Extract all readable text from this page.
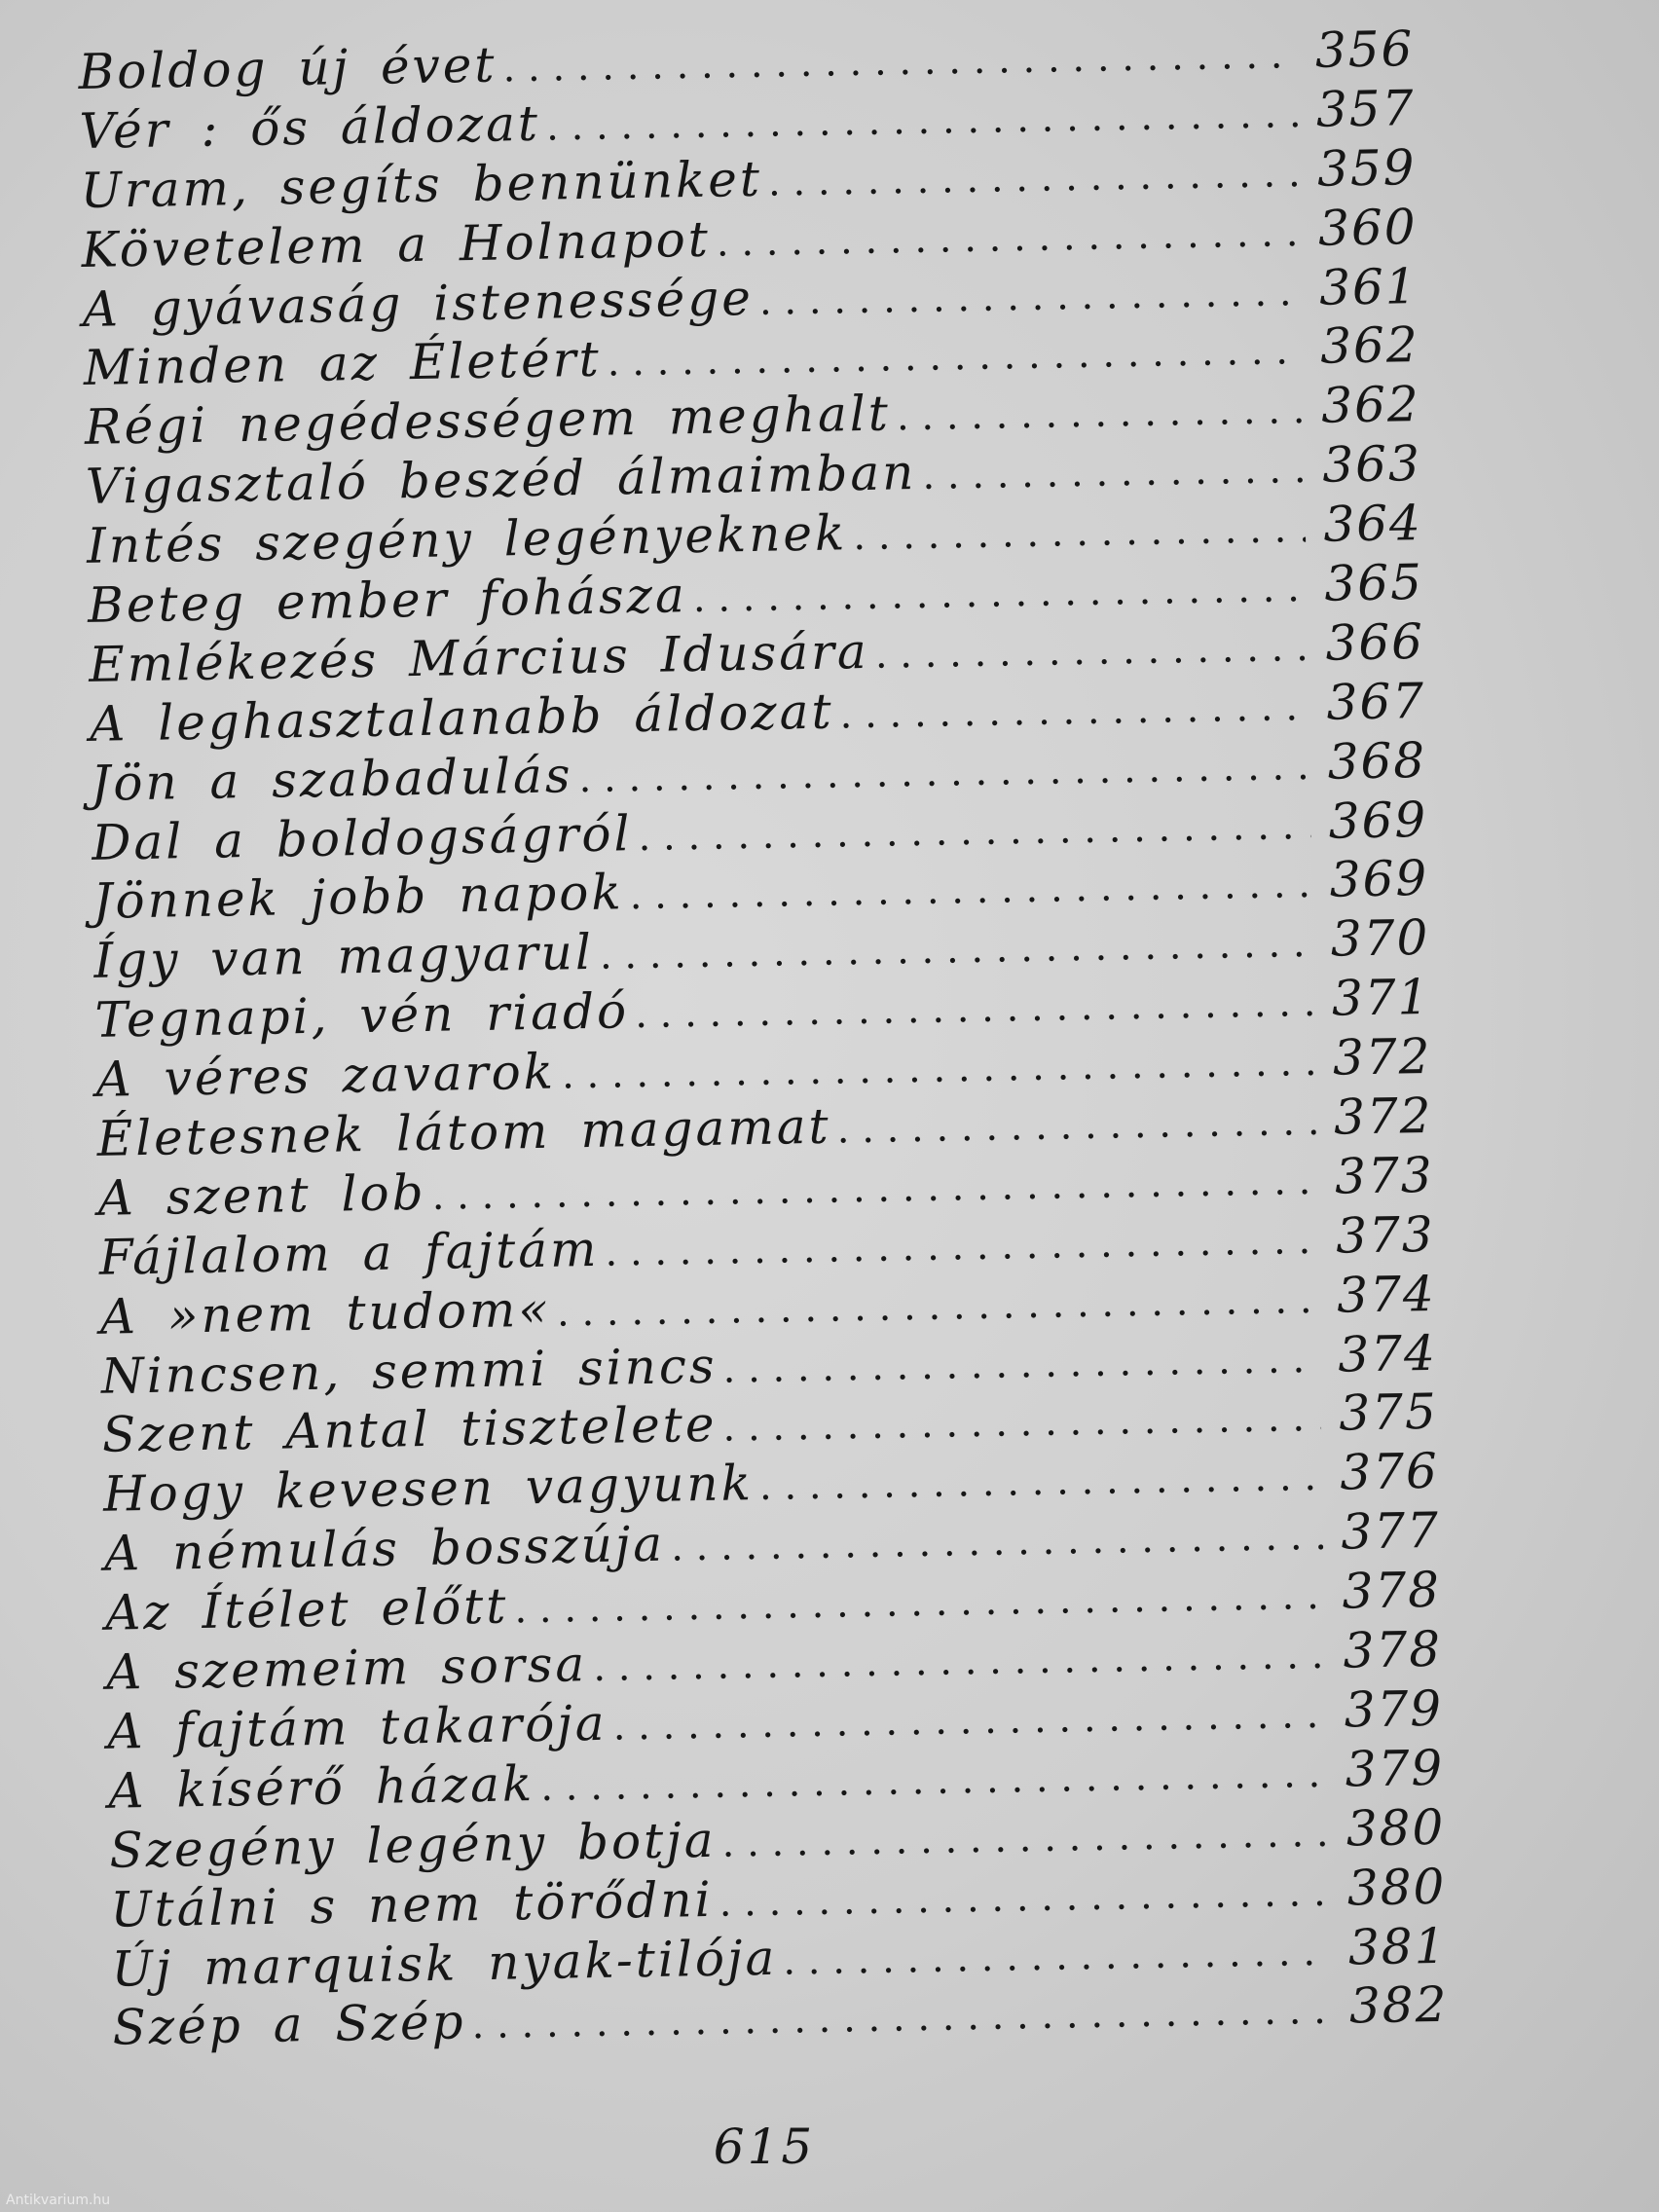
Boldog új évet . . .	356
Vér : ős áldozat . . .	357
Uram, segíts bennünket . . .	359
Követelem a Holnapot . . .	360
A gyávaság istenessége . . .	361
Minden az Életért . . .	362
Régi negédességem meghalt . . .	362
Vigasztaló beszéd álmaimban . . .	363
Intés szegény legényeknek . . .	364
Beteg ember fohásza . . .	365
Emlékezés Március Idusára . . .	366
A leghasztalanabb áldozat . . .	367
Jön a szabadulás . . .	368
Dal a boldogságról . . .	369
Jönnek jobb napok . . .	369
Így van magyarul . . .	370
Tegnapi, vén riadó . . .	371
A véres zavarok . . .	372
Életesnek látom magamat . . .	372
A szent lob . . .	373
Fájlalom a fajtám . . .	373
A »nem tudom« . . .	374
Nincsen, semmi sincs . . .	374
Szent Antal tisztelete . . .	375
Hogy kevesen vagyunk . . .	376
A némulás bosszúja . . .	377
Az Ítélet előtt . . .	378
A szemeim sorsa . . .	378
A fajtám takarója . . .	379
A kísérő házak . . .	379
Szegény legény botja . . .	380
Utálni s nem törődni . . .	380
Új marquisk nyak-tilója . . .	381
Szép a Szép . . .	382
615
Antikvarium.hu
